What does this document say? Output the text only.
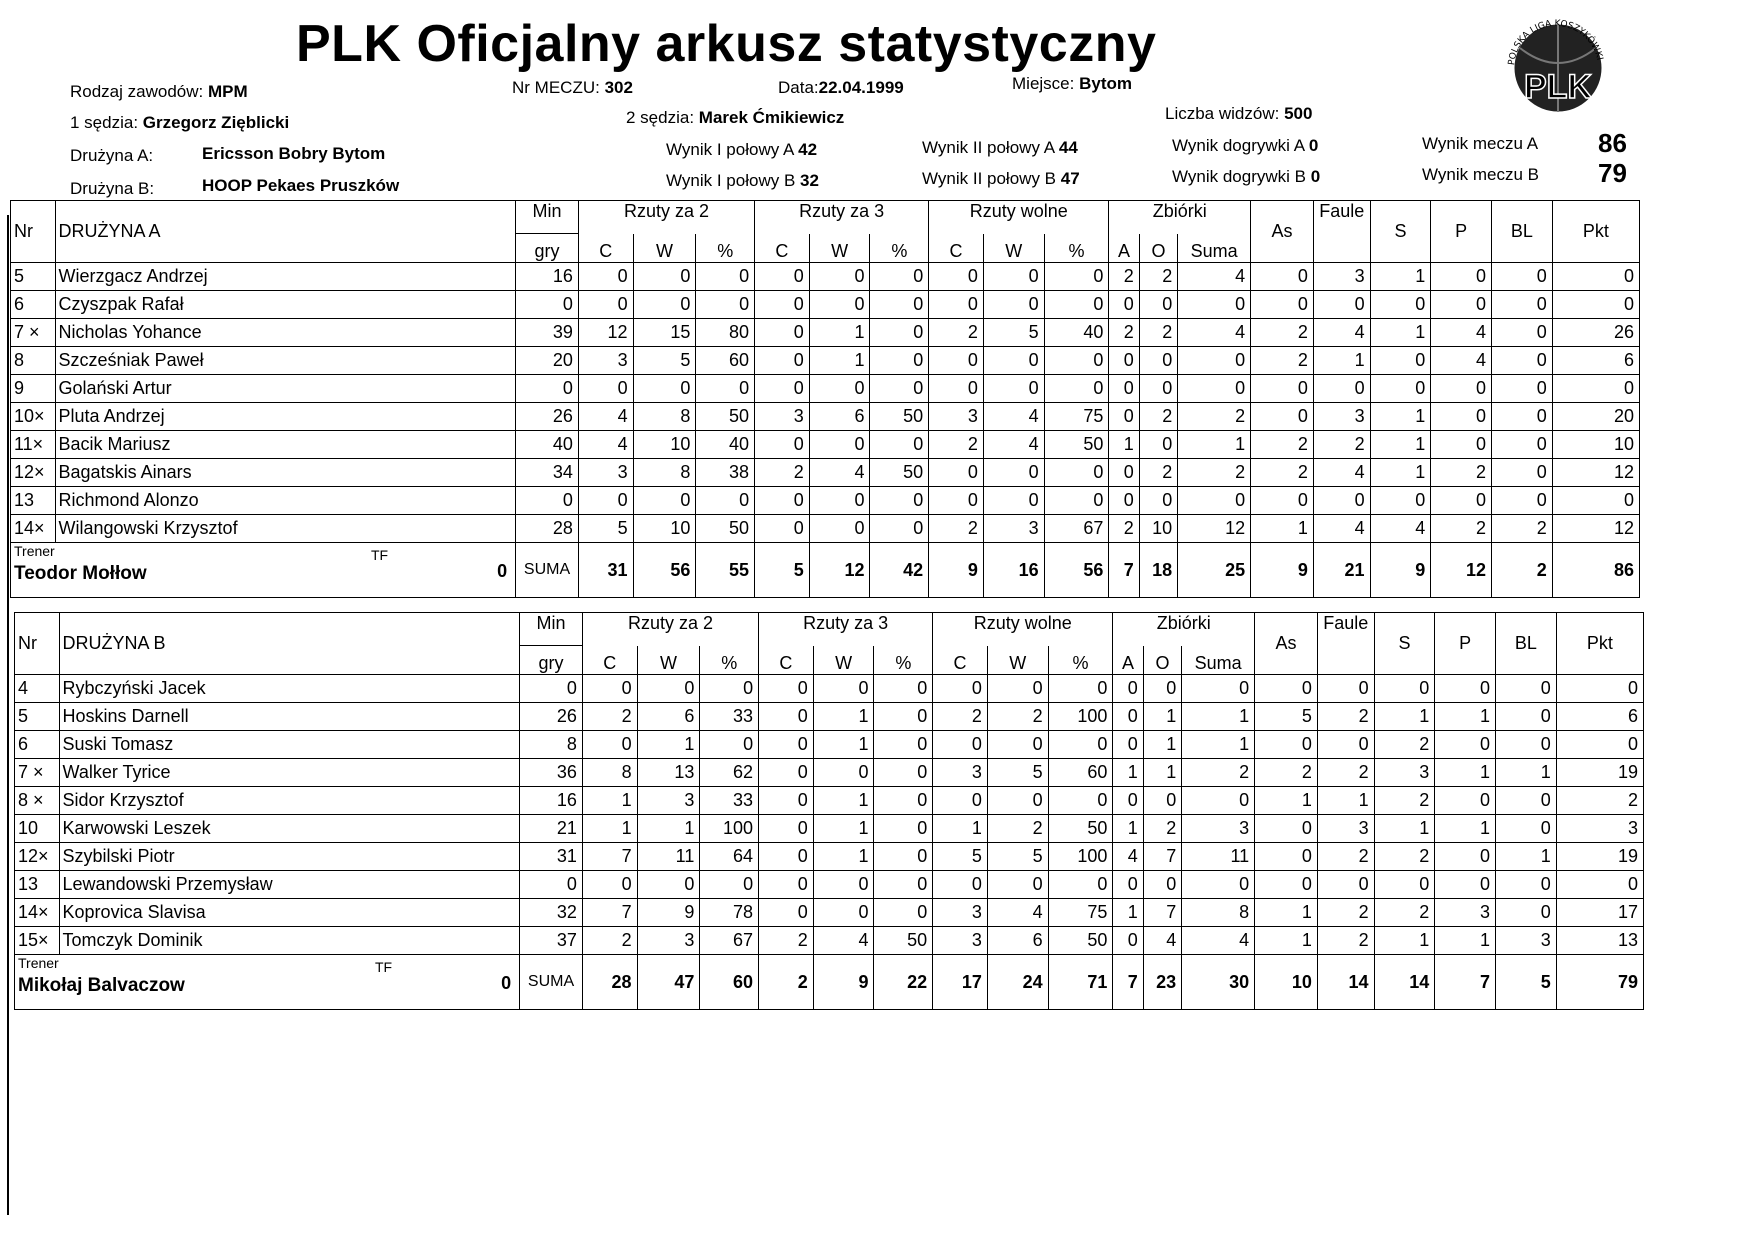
PLK Oficjalny arkusz statystyczny	POLSKA LIGA KOSZYKÓWKI
PLK
Rodzaj zawodów: MPM	Nr MECZU: 302	Data:22.04.1999	Miejsce: Bytom
1 sędzia: Grzegorz Zięblicki	2 sędzia: Marek Ćmikiewicz	Liczba widzów: 500
Drużyna A:	Ericsson Bobry Bytom	Wynik I połowy A 42	Wynik II połowy A 44	Wynik dogrywki A 0	Wynik meczu A 86
Drużyna B:	HOOP Pekaes Pruszków	Wynik I połowy B 32	Wynik II połowy B 47	Wynik dogrywki B 0	Wynik meczu B 79
Nr	DRUŻYNA A	Min	Rzuty za 2			Rzuty za 3			Rzuty wolne			Zbiórki			As	Faule	S	P	BL	Pkt
		gry	C	W	%	C	W	%	C	W	%	A	O	Suma						
5	Wierzgacz Andrzej	16	0	0	0	0	0	0	0	0	0	2	2	4	0	3	1	0	0	0
6	Czyszpak Rafał	0	0	0	0	0	0	0	0	0	0	0	0	0	0	0	0	0	0	0
7 ×	Nicholas Yohance	39	12	15	80	0	1	0	2	5	40	2	2	4	2	4	1	4	0	26
8	Szcześniak Paweł	20	3	5	60	0	1	0	0	0	0	0	0	0	2	1	0	4	0	6
9	Golański Artur	0	0	0	0	0	0	0	0	0	0	0	0	0	0	0	0	0	0	0
10×	Pluta Andrzej	26	4	8	50	3	6	50	3	4	75	0	2	2	0	3	1	0	0	20
11×	Bacik Mariusz	40	4	10	40	0	0	0	2	4	50	1	0	1	2	2	1	0	0	10
12×	Bagatskis Ainars	34	3	8	38	2	4	50	0	0	0	0	2	2	2	4	1	2	0	12
13	Richmond Alonzo	0	0	0	0	0	0	0	0	0	0	0	0	0	0	0	0	0	0	0
14×	Wilangowski Krzysztof	28	5	10	50	0	0	0	2	3	67	2	10	12	1	4	4	2	2	12

Trener
Teodor Mołłow
TF
0		SUMA	31	56	55	5	12	42	9	16	56	7	18	25	9	21	9	12	2	86
Nr	DRUŻYNA B	Min	Rzuty za 2			Rzuty za 3			Rzuty wolne			Zbiórki			As	Faule	S	P	BL	Pkt
		gry	C	W	%	C	W	%	C	W	%	A	O	Suma						
4	Rybczyński Jacek	0	0	0	0	0	0	0	0	0	0	0	0	0	0	0	0	0	0	0
5	Hoskins Darnell	26	2	6	33	0	1	0	2	2	100	0	1	1	5	2	1	1	0	6
6	Suski Tomasz	8	0	1	0	0	1	0	0	0	0	0	1	1	0	0	2	0	0	0
7 ×	Walker Tyrice	36	8	13	62	0	0	0	3	5	60	1	1	2	2	2	3	1	1	19
8 ×	Sidor Krzysztof	16	1	3	33	0	1	0	0	0	0	0	0	0	1	1	2	0	0	2
10	Karwowski Leszek	21	1	1	100	0	1	0	1	2	50	1	2	3	0	3	1	1	0	3
12×	Szybilski Piotr	31	7	11	64	0	1	0	5	5	100	4	7	11	0	2	2	0	1	19
13	Lewandowski Przemysław	0	0	0	0	0	0	0	0	0	0	0	0	0	0	0	0	0	0	0
14×	Koprovica Slavisa	32	7	9	78	0	0	0	3	4	75	1	7	8	1	2	2	3	0	17
15×	Tomczyk Dominik	37	2	3	67	2	4	50	3	6	50	0	4	4	1	2	1	1	3	13

Trener
Mikołaj Balvaczow
TF
0		SUMA	28	47	60	2	9	22	17	24	71	7	23	30	10	14	14	7	5	79
